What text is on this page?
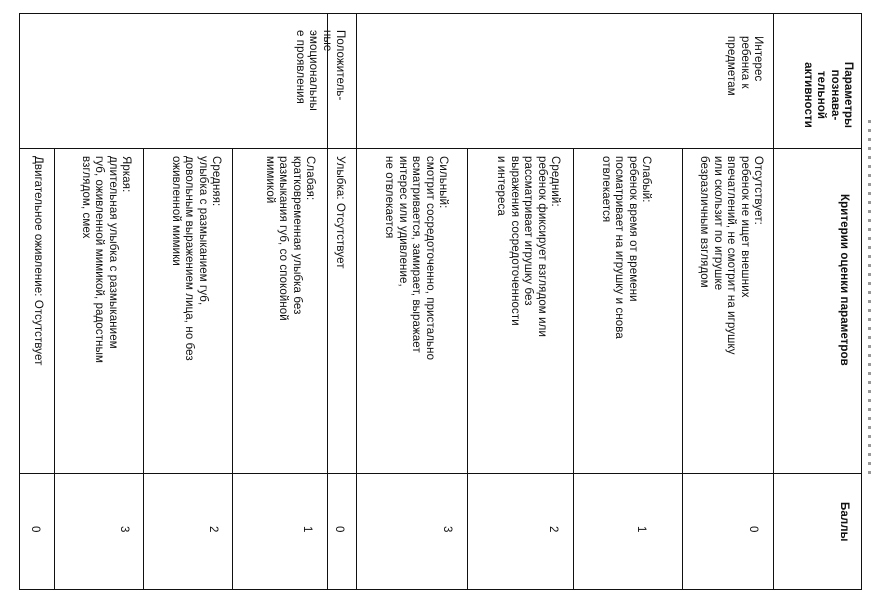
Параметры
познава-
тельной
активности
Критерии оценки параметров
Баллы
Интерес
ребенка к
предметам
Отсутствует:
ребенок не ищет внешних
впечатлений, не смотрит на игрушку
или скользит по игрушке
безразличным взглядом
0
Слабый:
ребенок время от времени
посматривает на игрушку и снова
отвлекается
1
Средний:
ребенок фиксирует взглядом или
рассматривает игрушку без
выражения сосредоточенности
и интереса
2
Сильный:
смотрит сосредоточенно, пристально
всматривается, замирает, выражает
интерес или удивление,
не отвлекается
3
Положитель-
ные
эмоциональны
е проявления
Улыбка: Отсутствует
0
Слабая:
кратковременная улыбка без
размыкания губ, со спокойной
мимикой
1
Средняя:
улыбка с размыканием губ,
довольным выражением лица, но без
оживленной мимики
2
Яркая:
длительная улыбка с размыканием
губ, оживленной мимикой, радостным
взглядом, смех
3
Двигательное оживление: Отсутствует
0
